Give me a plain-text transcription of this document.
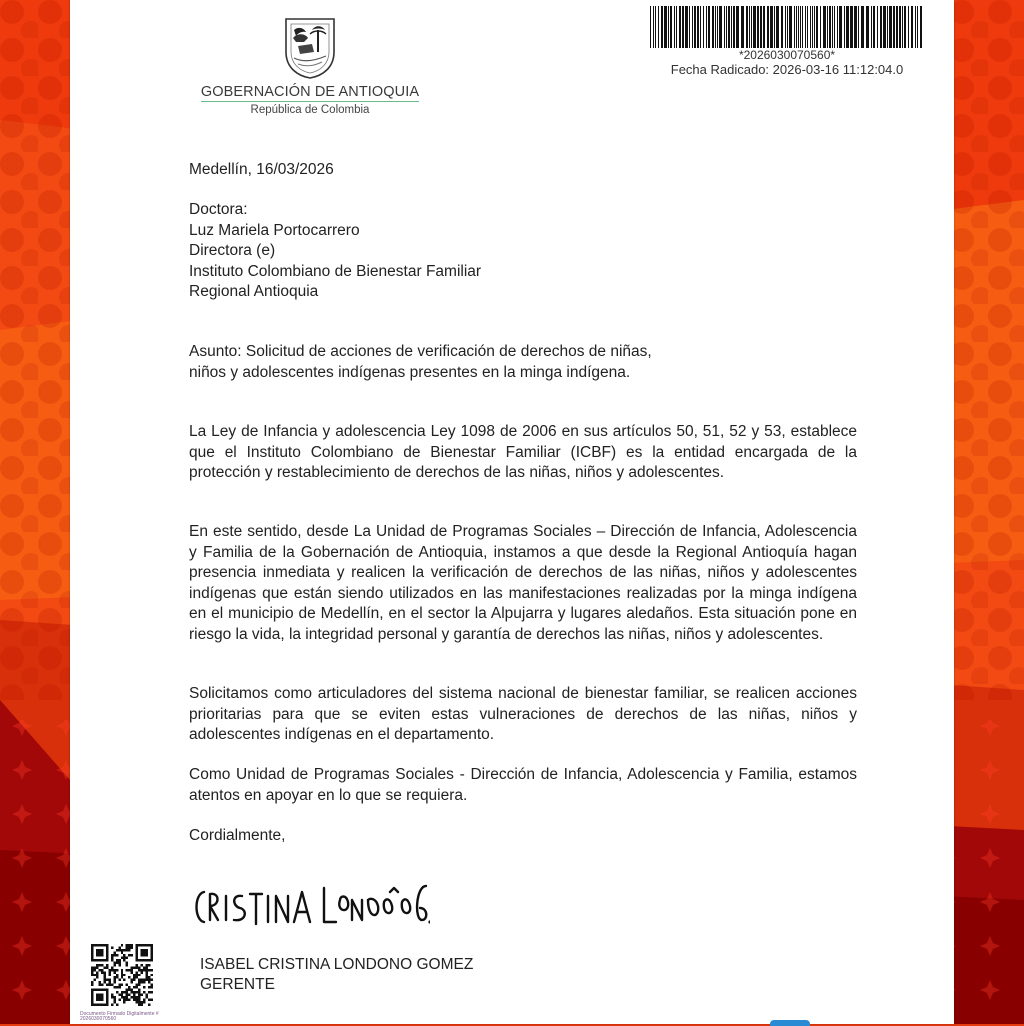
GOBERNACIÓN DE ANTIOQUIA
República de Colombia
*2026030070560*
Fecha Radicado: 2026-03-16 11:12:04.0
Medellín, 16/03/2026
Doctora:
Luz Mariela Portocarrero
Directora (e)
Instituto Colombiano de Bienestar Familiar
Regional Antioquia
Asunto: Solicitud de acciones de verificación de derechos de niñas, niños y adolescentes indígenas presentes en la minga indígena.
La Ley de Infancia y adolescencia Ley 1098 de 2006 en sus artículos 50, 51, 52 y 53, establece que el Instituto Colombiano de Bienestar Familiar (ICBF) es la entidad encargada de la protección y restablecimiento de derechos de las niñas, niños y adolescentes.
En este sentido, desde La Unidad de Programas Sociales – Dirección de Infancia, Adolescencia y Familia de la Gobernación de Antioquia, instamos a que desde la Regional Antioquía hagan presencia inmediata y realicen la verificación de derechos de las niñas, niños y adolescentes indígenas que están siendo utilizados en las manifestaciones realizadas por la minga indígena en el municipio de Medellín, en el sector la Alpujarra y lugares aledaños. Esta situación pone en riesgo la vida, la integridad personal y garantía de derechos las niñas, niños y adolescentes.
Solicitamos como articuladores del sistema nacional de bienestar familiar, se realicen acciones prioritarias para que se eviten estas vulneraciones de derechos de las niñas, niños y adolescentes indígenas en el departamento.
Como Unidad de Programas Sociales - Dirección de Infancia, Adolescencia y Familia, estamos atentos en apoyar en lo que se requiera.
Cordialmente,
ISABEL CRISTINA LONDONO GOMEZ
GERENTE
Documento Firmado Digitalmente # 2026030070560
